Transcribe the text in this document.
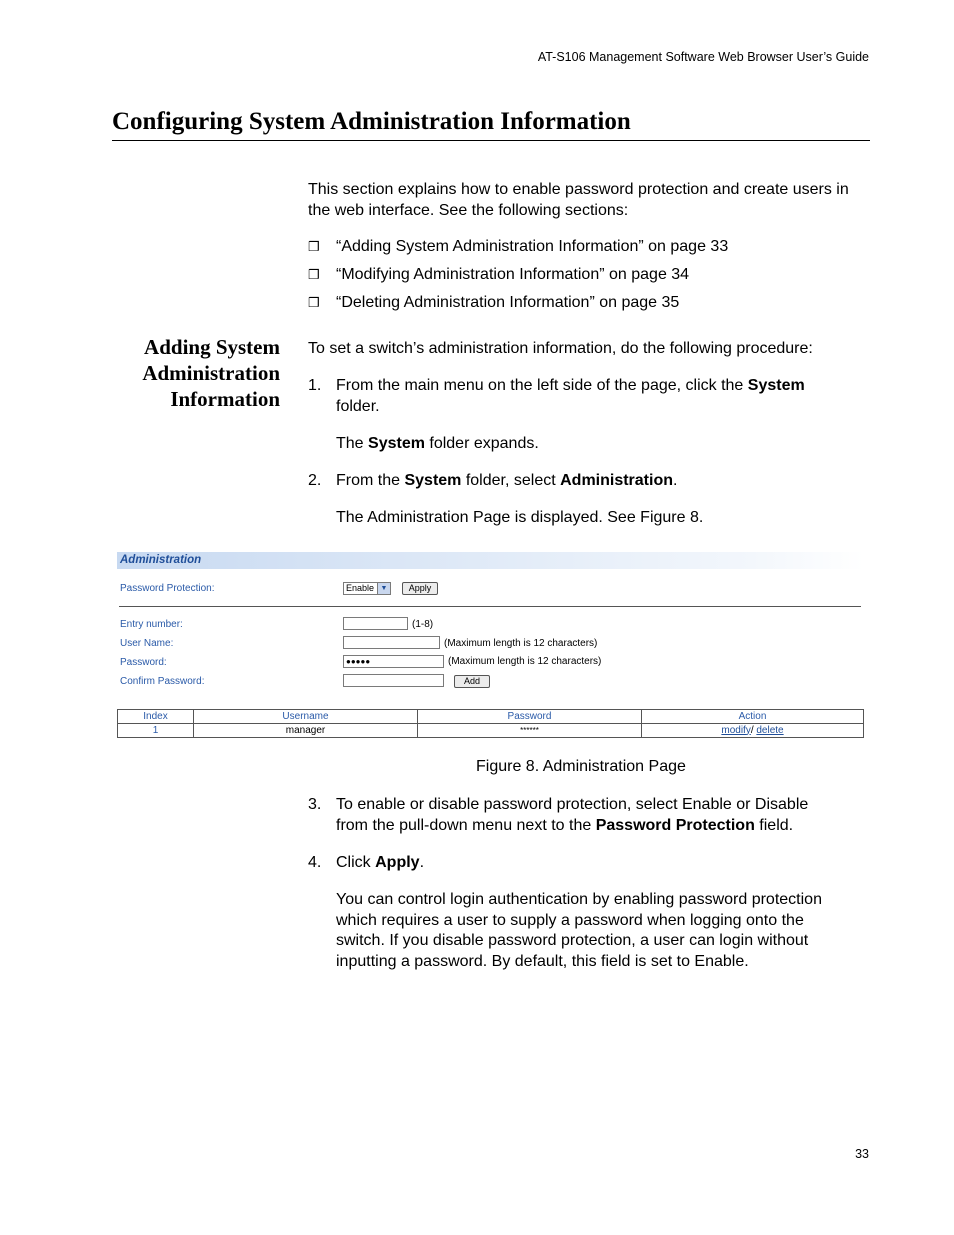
AT-S106 Management Software Web Browser User’s Guide
Configuring System Administration Information
This section explains how to enable password protection and create users in the web interface. See the following sections:
❒	“Adding System Administration Information” on page 33
❒	“Modifying Administration Information” on page 34
❒	“Deleting Administration Information” on page 35
Adding System
Administration
Information
To set a switch’s administration information, do the following procedure:
1. From the main menu on the left side of the page, click the System
folder.
The System folder expands.
2. From the System folder, select Administration.
The Administration Page is displayed. See Figure 8.
Administration
Password Protection:	Enable ▼	Apply
Entry number:	(1-8)
User Name:	(Maximum length is 12 characters)
Password:	●●●●●	(Maximum length is 12 characters)
Confirm Password:	Add
Index	Username	Password	Action
1	manager	******	modify/ delete
Figure 8. Administration Page
3. To enable or disable password protection, select Enable or Disable
from the pull-down menu next to the Password Protection field.
4. Click Apply.
You can control login authentication by enabling password protection
which requires a user to supply a password when logging onto the
switch. If you disable password protection, a user can login without
inputting a password. By default, this field is set to Enable.
33
